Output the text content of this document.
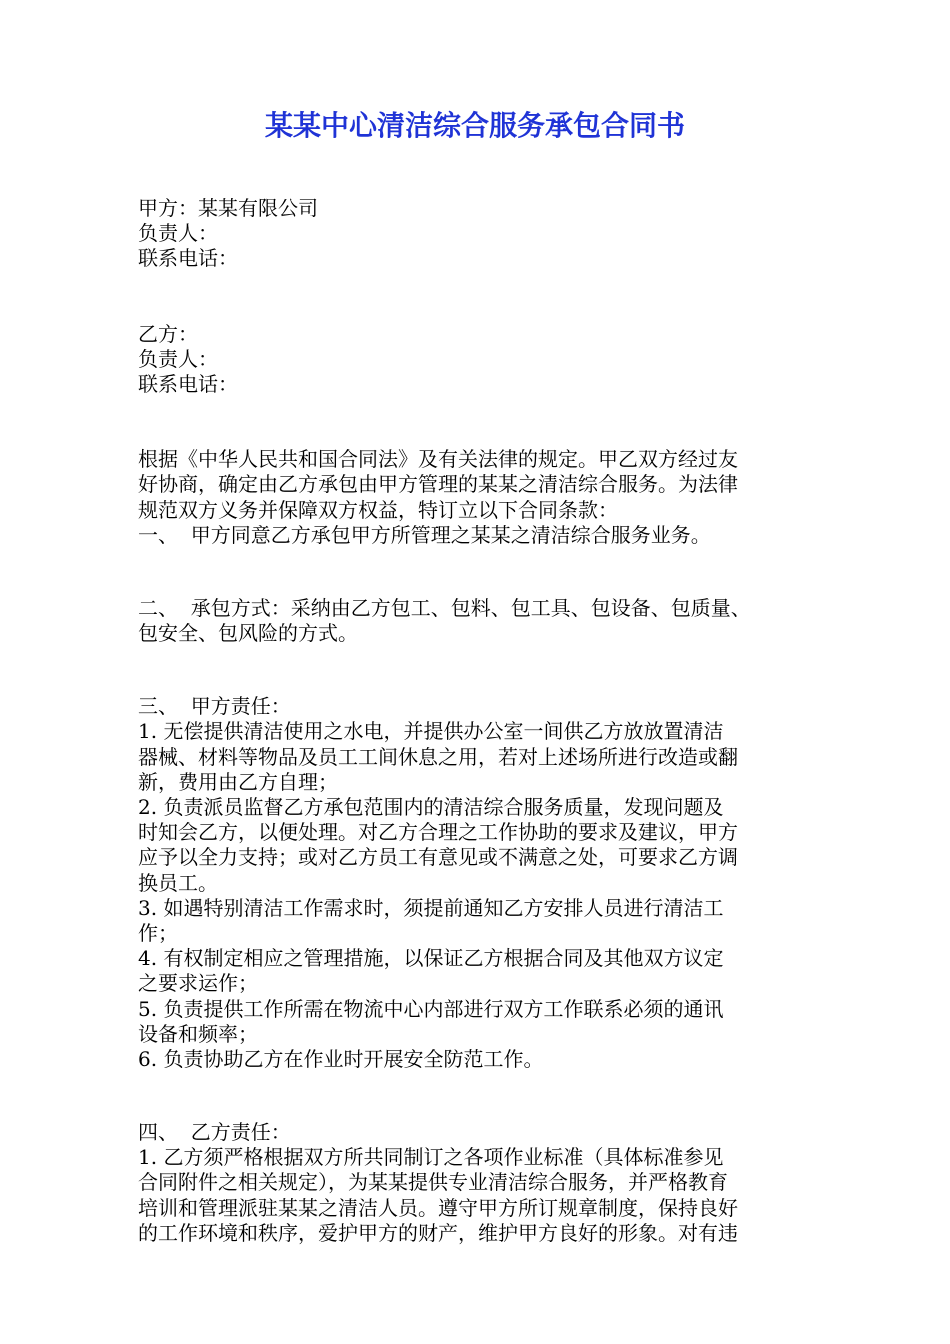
某某中心清洁综合服务承包合同书
甲方：某某有限公司
负责人：
联系电话：
乙方：
负责人：
联系电话：
根据《中华人民共和国合同法》及有关法律的规定。甲乙双方经过友
好协商，确定由乙方承包由甲方管理的某某之清洁综合服务。为法律
规范双方义务并保障双方权益，特订立以下合同条款：
一、  甲方同意乙方承包甲方所管理之某某之清洁综合服务业务。
二、  承包方式：采纳由乙方包工、包料、包工具、包设备、包质量、
包安全、包风险的方式。
三、  甲方责任：
1. 无偿提供清洁使用之水电，并提供办公室一间供乙方放放置清洁
器械、材料等物品及员工工间休息之用，若对上述场所进行改造或翻
新，费用由乙方自理；
2. 负责派员监督乙方承包范围内的清洁综合服务质量，发现问题及
时知会乙方，以便处理。对乙方合理之工作协助的要求及建议，甲方
应予以全力支持；或对乙方员工有意见或不满意之处，可要求乙方调
换员工。
3. 如遇特别清洁工作需求时，须提前通知乙方安排人员进行清洁工
作；
4. 有权制定相应之管理措施，以保证乙方根据合同及其他双方议定
之要求运作；
5. 负责提供工作所需在物流中心内部进行双方工作联系必须的通讯
设备和频率；
6. 负责协助乙方在作业时开展安全防范工作。
四、  乙方责任：
1. 乙方须严格根据双方所共同制订之各项作业标准（具体标准参见
合同附件之相关规定），为某某提供专业清洁综合服务，并严格教育
培训和管理派驻某某之清洁人员。遵守甲方所订规章制度，保持良好
的工作环境和秩序，爱护甲方的财产，维护甲方良好的形象。对有违
